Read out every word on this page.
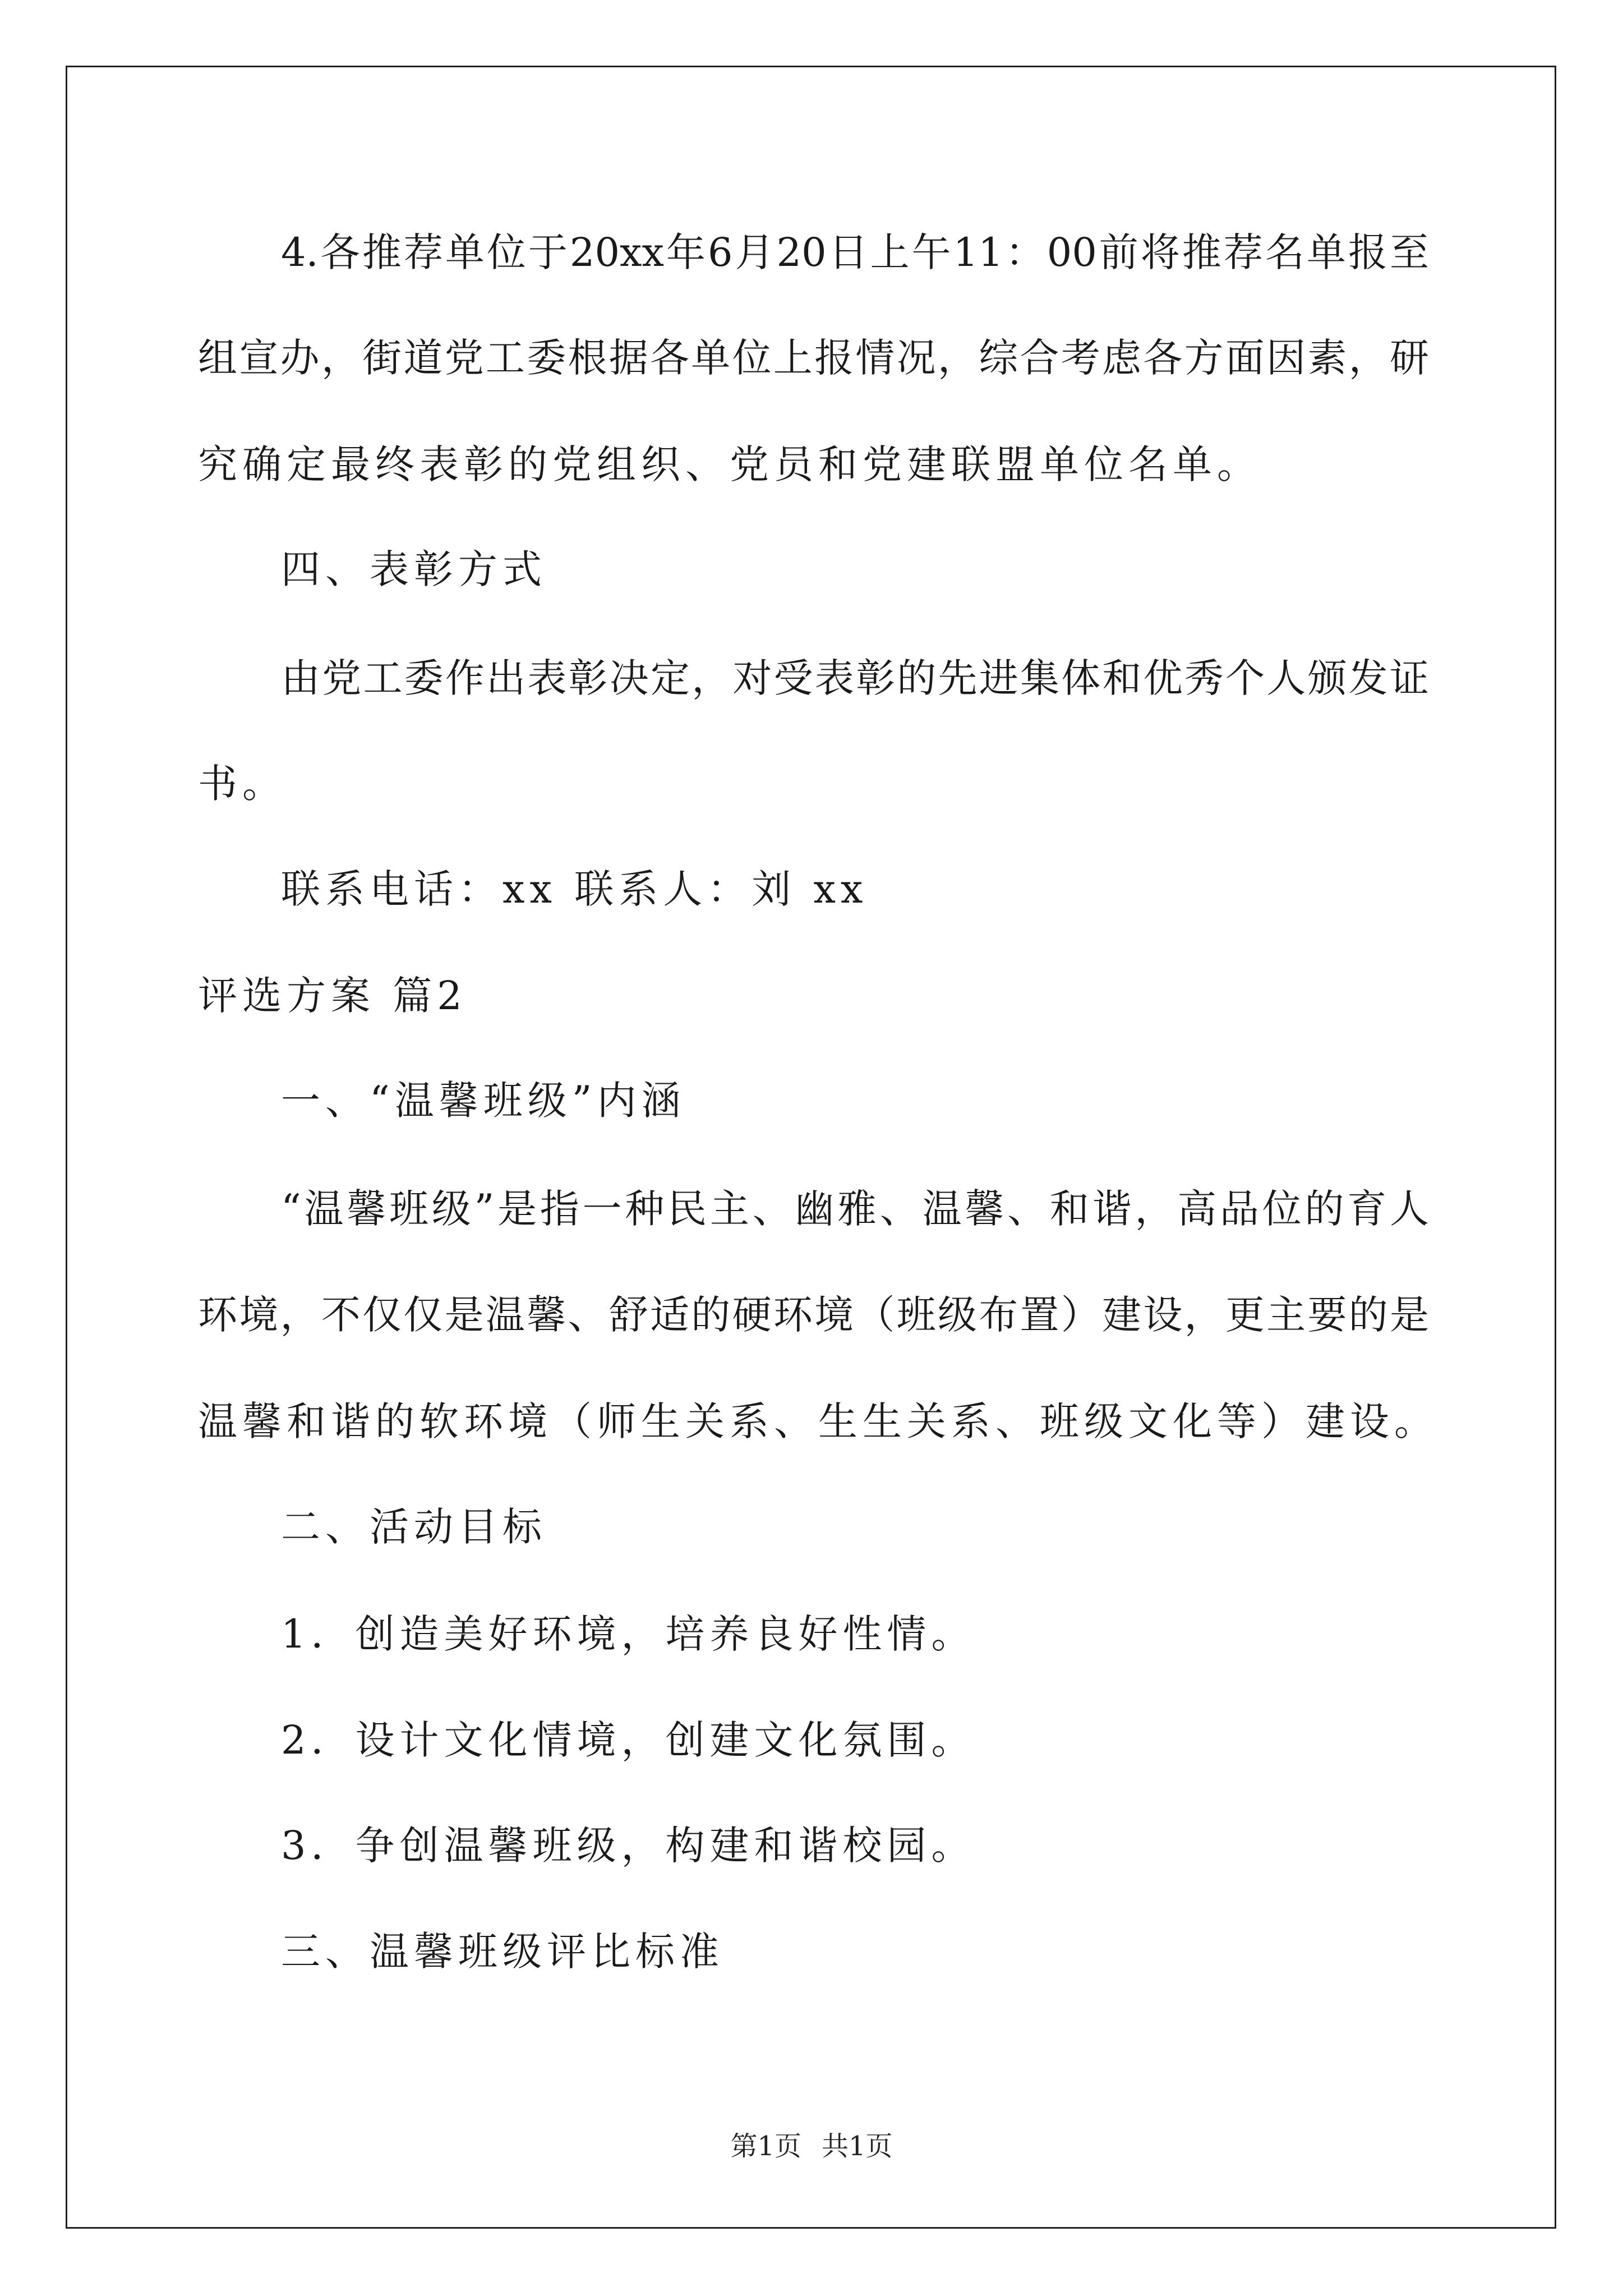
4.各推荐单位于20xx年6月20日上午11：00前将推荐名单报至
组宣办，街道党工委根据各单位上报情况，综合考虑各方面因素，研
究确定最终表彰的党组织、党员和党建联盟单位名单。
四、表彰方式
由党工委作出表彰决定，对受表彰的先进集体和优秀个人颁发证
书。
联系电话：xx 联系人：刘 xx
评选方案 篇2
一、“温馨班级”内涵
“温馨班级”是指一种民主、幽雅、温馨、和谐，高品位的育人
环境，不仅仅是温馨、舒适的硬环境（班级布置）建设，更主要的是
温馨和谐的软环境（师生关系、生生关系、班级文化等）建设。
二、活动目标
1．创造美好环境，培养良好性情。
2．设计文化情境，创建文化氛围。
3．争创温馨班级，构建和谐校园。
三、温馨班级评比标准
第1页 共1页
